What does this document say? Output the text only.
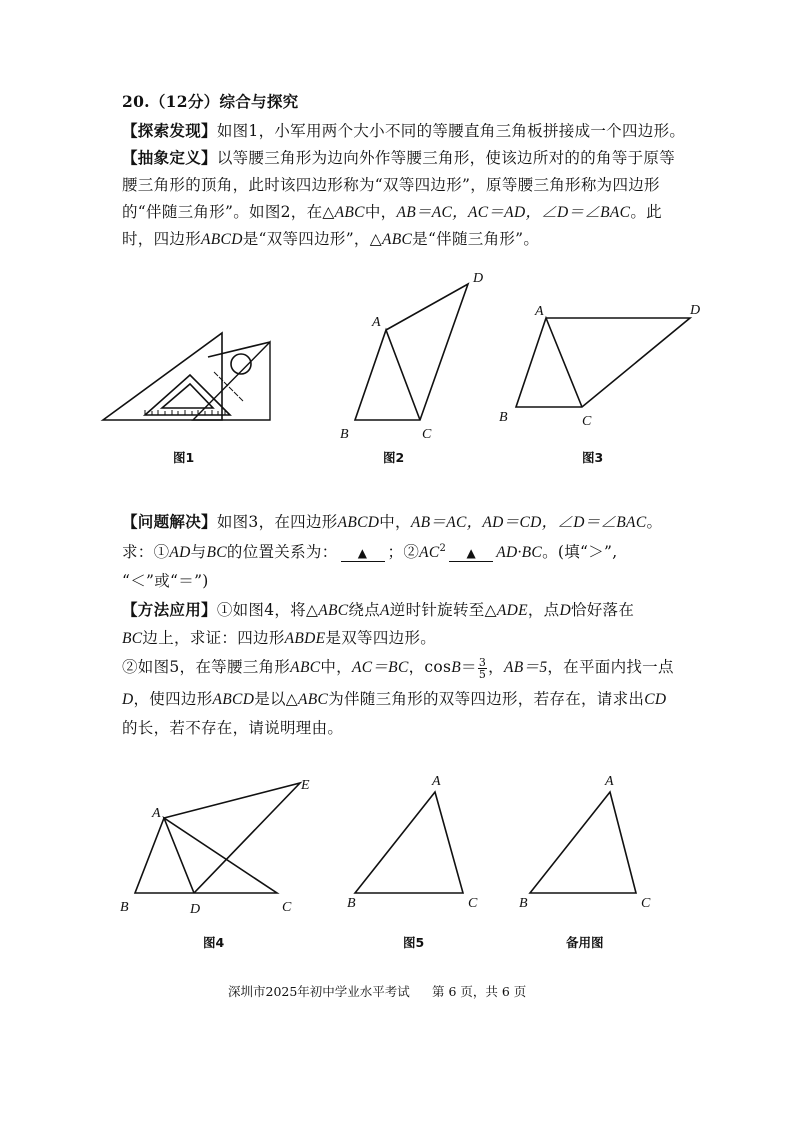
20.（12分）综合与探究
【探索发现】如图1，小军用两个大小不同的等腰直角三角板拼接成一个四边形。
【抽象定义】以等腰三角形为边向外作等腰三角形，使该边所对的的角等于原等
腰三角形的顶角，此时该四边形称为“双等四边形”，原等腰三角形称为四边形
的“伴随三角形”。如图2，在△ABC中，AB＝AC，AC＝AD，∠D＝∠BAC。此
时，四边形ABCD是“双等四边形”，△ABC是“伴随三角形”。
A
D
B	C
A	D
B	C
图1	图2	图3
【问题解决】如图3，在四边形ABCD中，AB＝AC，AD＝CD，∠D＝∠BAC。
求：①AD与BC的位置关系为： ▲ ；$②AC^2$ ▲ AD·BC。(填“＞”,
“＜”或“＝”)
【方法应用】①如图4，将△ABC绕点A逆时针旋转至△ADE，点D恰好落在
BC边上，求证：四边形ABDE是双等四边形。
②如图5，在等腰三角形ABC中，AC＝BC，$\cos B= \frac{3}{5}$ ，AB＝5，在平面内找一点
D，使四边形ABCD是以△ABC为伴随三角形的双等四边形，若存在，请求出CD
的长，若不存在，请说明理由。
A
E
B	D	C
A
B	C
A
B	C
图4	图5	备用图
深圳市2025年初中学业水平考试 第 6 页，共 6 页
